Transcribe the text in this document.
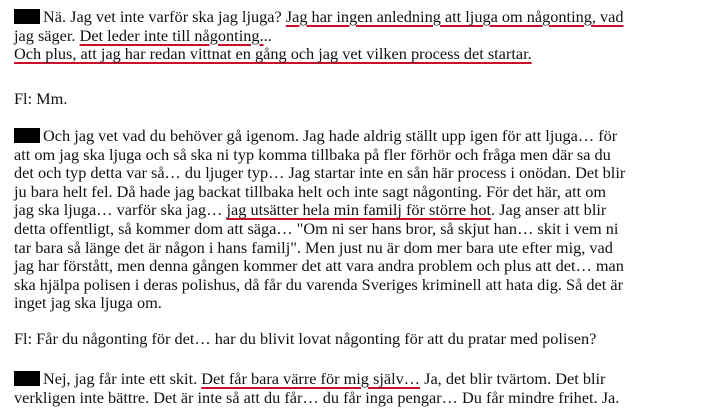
Nä. Jag vet inte varför ska jag ljuga? Jag har ingen anledning att ljuga om någonting, vad

jag säger. Det leder inte till någonting...

Och plus, att jag har redan vittnat en gång och jag vet vilken process det startar.

Fl: Mm.

Och jag vet vad du behöver gå igenom. Jag hade aldrig ställt upp igen för att ljuga… för

att om jag ska ljuga och så ska ni typ komma tillbaka på fler förhör och fråga men där sa du

det och typ detta var så… du ljuger typ… Jag startar inte en sån här process i onödan. Det blir

ju bara helt fel. Då hade jag backat tillbaka helt och inte sagt någonting. För det här, att om

jag ska ljuga… varför ska jag… jag utsätter hela min familj för större hot. Jag anser att blir

detta offentligt, så kommer dom att säga… "Om ni ser hans bror, så skjut han… skit i vem ni

tar bara så länge det är någon i hans familj". Men just nu är dom mer bara ute efter mig, vad

jag har förstått, men denna gången kommer det att vara andra problem och plus att det… man

ska hjälpa polisen i deras polishus, då får du varenda Sveriges kriminell att hata dig. Så det är

inget jag ska ljuga om.

Fl: Får du någonting för det… har du blivit lovat någonting för att du pratar med polisen?

Nej, jag får inte ett skit. Det får bara värre för mig själv… Ja, det blir tvärtom. Det blir

verkligen inte bättre. Det är inte så att du får… du får inga pengar… Du får mindre frihet. Ja.
